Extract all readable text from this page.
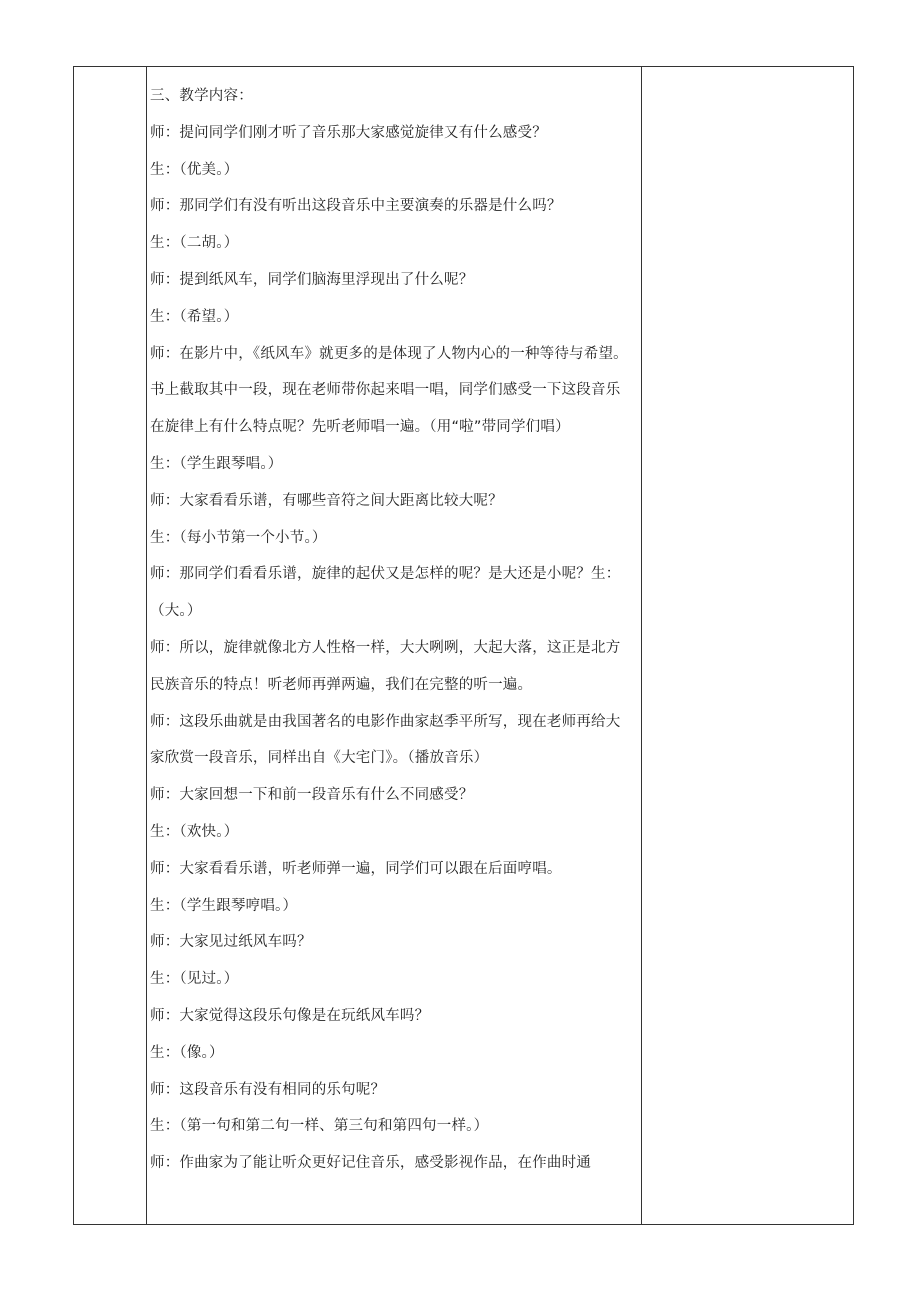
三、教学内容：
师：提问同学们刚才听了音乐那大家感觉旋律又有什么感受？
生：（优美。）
师：那同学们有没有听出这段音乐中主要演奏的乐器是什么吗？
生：（二胡。）
师：提到纸风车，同学们脑海里浮现出了什么呢？
生：（希望。）
师：在影片中，《纸风车》就更多的是体现了人物内心的一种等待与希望。
书上截取其中一段，现在老师带你起来唱一唱，同学们感受一下这段音乐
在旋律上有什么特点呢？先听老师唱一遍。（用“啦”带同学们唱）
生：（学生跟琴唱。）
师：大家看看乐谱，有哪些音符之间大距离比较大呢？
生：（每小节第一个小节。）
师：那同学们看看乐谱，旋律的起伏又是怎样的呢？是大还是小呢？生：
（大。）
师：所以，旋律就像北方人性格一样，大大咧咧，大起大落，这正是北方
民族音乐的特点！听老师再弹两遍，我们在完整的听一遍。
师：这段乐曲就是由我国著名的电影作曲家赵季平所写，现在老师再给大
家欣赏一段音乐，同样出自《大宅门》。（播放音乐）
师：大家回想一下和前一段音乐有什么不同感受？
生：（欢快。）
师：大家看看乐谱，听老师弹一遍，同学们可以跟在后面哼唱。
生：（学生跟琴哼唱。）
师：大家见过纸风车吗？
生：（见过。）
师：大家觉得这段乐句像是在玩纸风车吗？
生：（像。）
师：这段音乐有没有相同的乐句呢？
生：（第一句和第二句一样、第三句和第四句一样。）
师：作曲家为了能让听众更好记住音乐，感受影视作品，在作曲时通
